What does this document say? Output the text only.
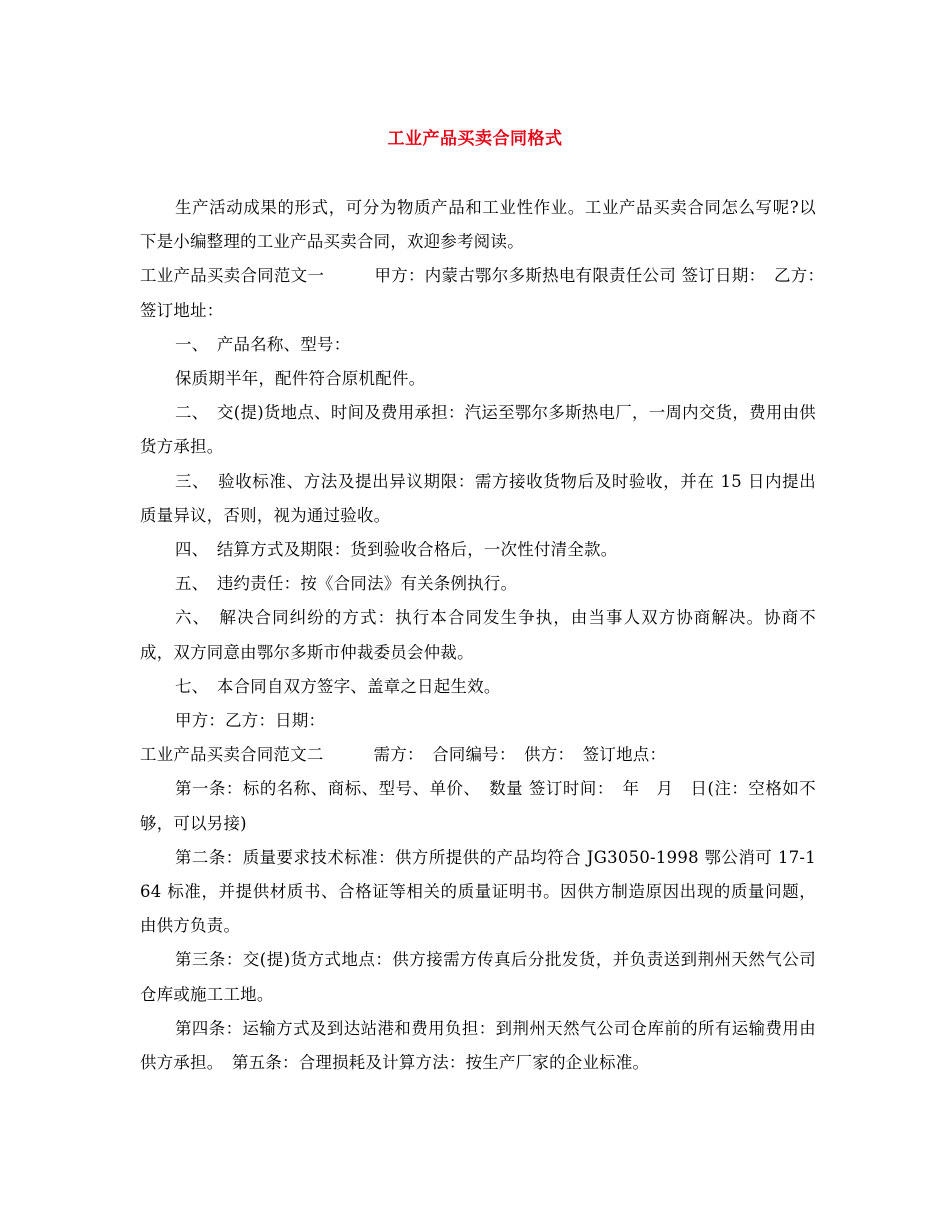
工业产品买卖合同格式

生产活动成果的形式，可分为物质产品和工业性作业。工业产品买卖合同怎么写呢?以下是小编整理的工业产品买卖合同，欢迎参考阅读。

工业产品买卖合同范文一　　　甲方：内蒙古鄂尔多斯热电有限责任公司 签订日期：　乙方：　签订地址：

一、　产品名称、型号：

保质期半年，配件符合原机配件。

二、　交(提)货地点、时间及费用承担：汽运至鄂尔多斯热电厂，一周内交货，费用由供货方承担。

三、　验收标准、方法及提出异议期限：需方接收货物后及时验收，并在 15 日内提出质量异议，否则，视为通过验收。

四、　结算方式及期限：货到验收合格后，一次性付清全款。

五、　违约责任：按《合同法》有关条例执行。

六、　解决合同纠纷的方式：执行本合同发生争执，由当事人双方协商解决。协商不成，双方同意由鄂尔多斯市仲裁委员会仲裁。

七、　本合同自双方签字、盖章之日起生效。

甲方：乙方：日期：

工业产品买卖合同范文二　　　需方：　合同编号：　供方：　签订地点：

第一条：标的名称、商标、型号、单价、　数量 签订时间：　年　月　日(注：空格如不够，可以另接)

第二条：质量要求技术标准：供方所提供的产品均符合 JG3050-1998 鄂公消可 17-164 标准，并提供材质书、合格证等相关的质量证明书。因供方制造原因出现的质量问题，由供方负责。

第三条：交(提)货方式地点：供方接需方传真后分批发货，并负责送到荆州天然气公司仓库或施工工地。

第四条：运输方式及到达站港和费用负担：到荆州天然气公司仓库前的所有运输费用由供方承担。　第五条：合理损耗及计算方法：按生产厂家的企业标准。
